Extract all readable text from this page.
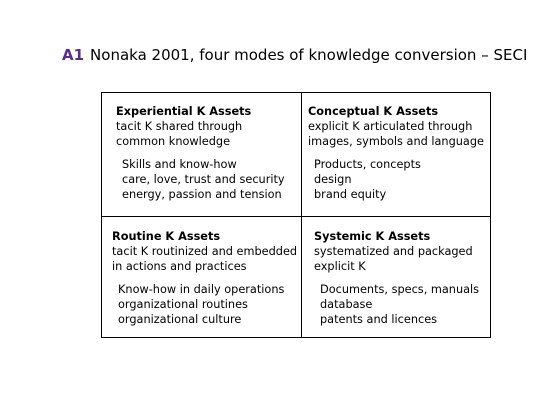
A1 Nonaka 2001, four modes of knowledge conversion – SECI
Experiential K Assets
tacit K shared through
common knowledge
Skills and know-how
care, love, trust and security
energy, passion and tension
Conceptual K Assets
explicit K articulated through
images, symbols and language
Products, concepts
design
brand equity
Routine K Assets
tacit K routinized and embedded
in actions and practices
Know-how in daily operations
organizational routines
organizational culture
Systemic K Assets
systematized and packaged
explicit K
Documents, specs, manuals
database
patents and licences
